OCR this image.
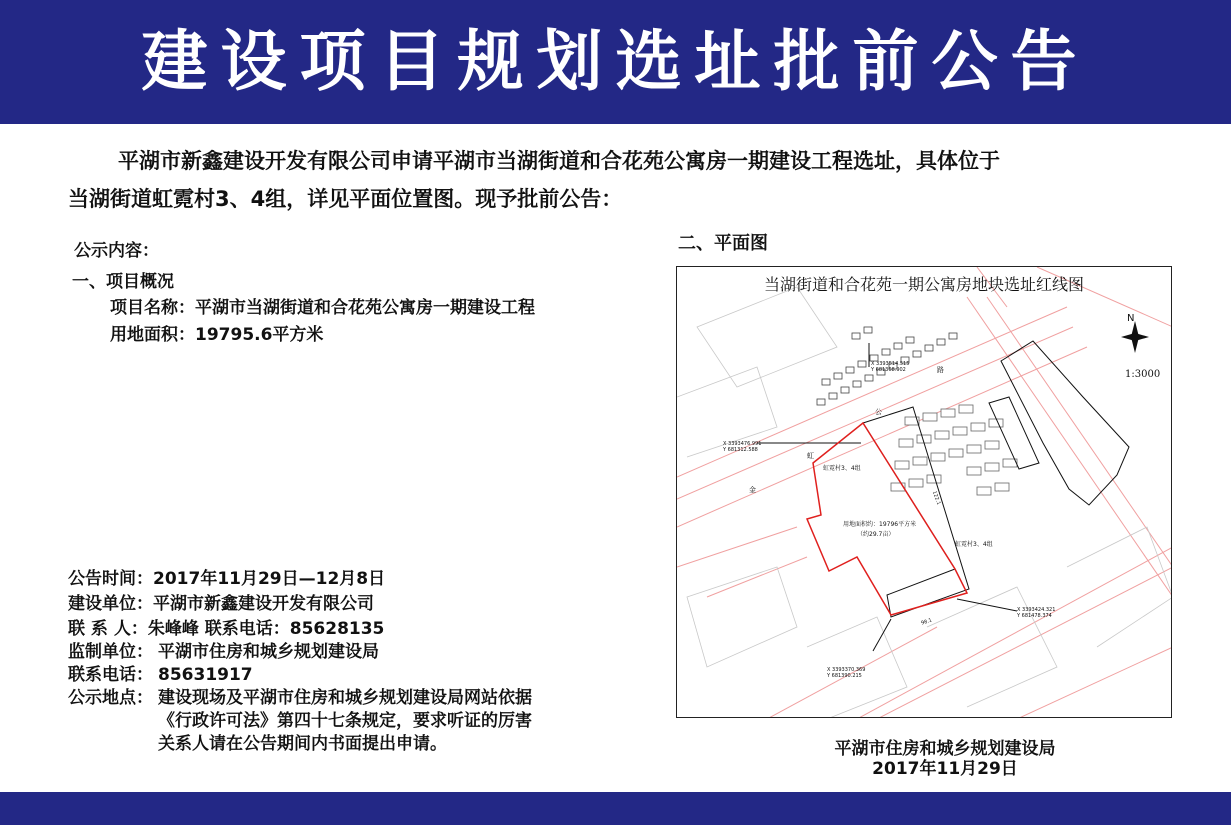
建设项目规划选址批前公告
平湖市新鑫建设开发有限公司申请平湖市当湖街道和合花苑公寓房一期建设工程选址，具体位于
当湖街道虹霓村3、4组，详见平面位置图。现予批前公告：
公示内容：
一、项目概况
项目名称：平湖市当湖街道和合花苑公寓房一期建设工程
用地面积：19795.6平方米
公告时间：2017年11月29日—12月8日
建设单位：平湖市新鑫建设开发有限公司
联 系 人：朱峰峰 联系电话：85628135
监制单位： 平湖市住房和城乡规划建设局
联系电话： 85631917
公示地点： 建设现场及平湖市住房和城乡规划建设局网站依据
《行政许可法》第四十七条规定，要求听证的厉害
关系人请在公告期间内书面提出申请。
二、平面图
N
1:3000
虹霓村3、4组
虹霓村3、4组
用地面积约：19796平方米
（约29.7亩）
虹
金
公
路
X 3393514.515
Y 681368.902
X 3393476.991
Y 681312.588
X 3393424.321
Y 681478.374
X 3393370.369
Y 681390.215
122.1
98.1
当湖街道和合花苑一期公寓房地块选址红线图
平湖市住房和城乡规划建设局
2017年11月29日
